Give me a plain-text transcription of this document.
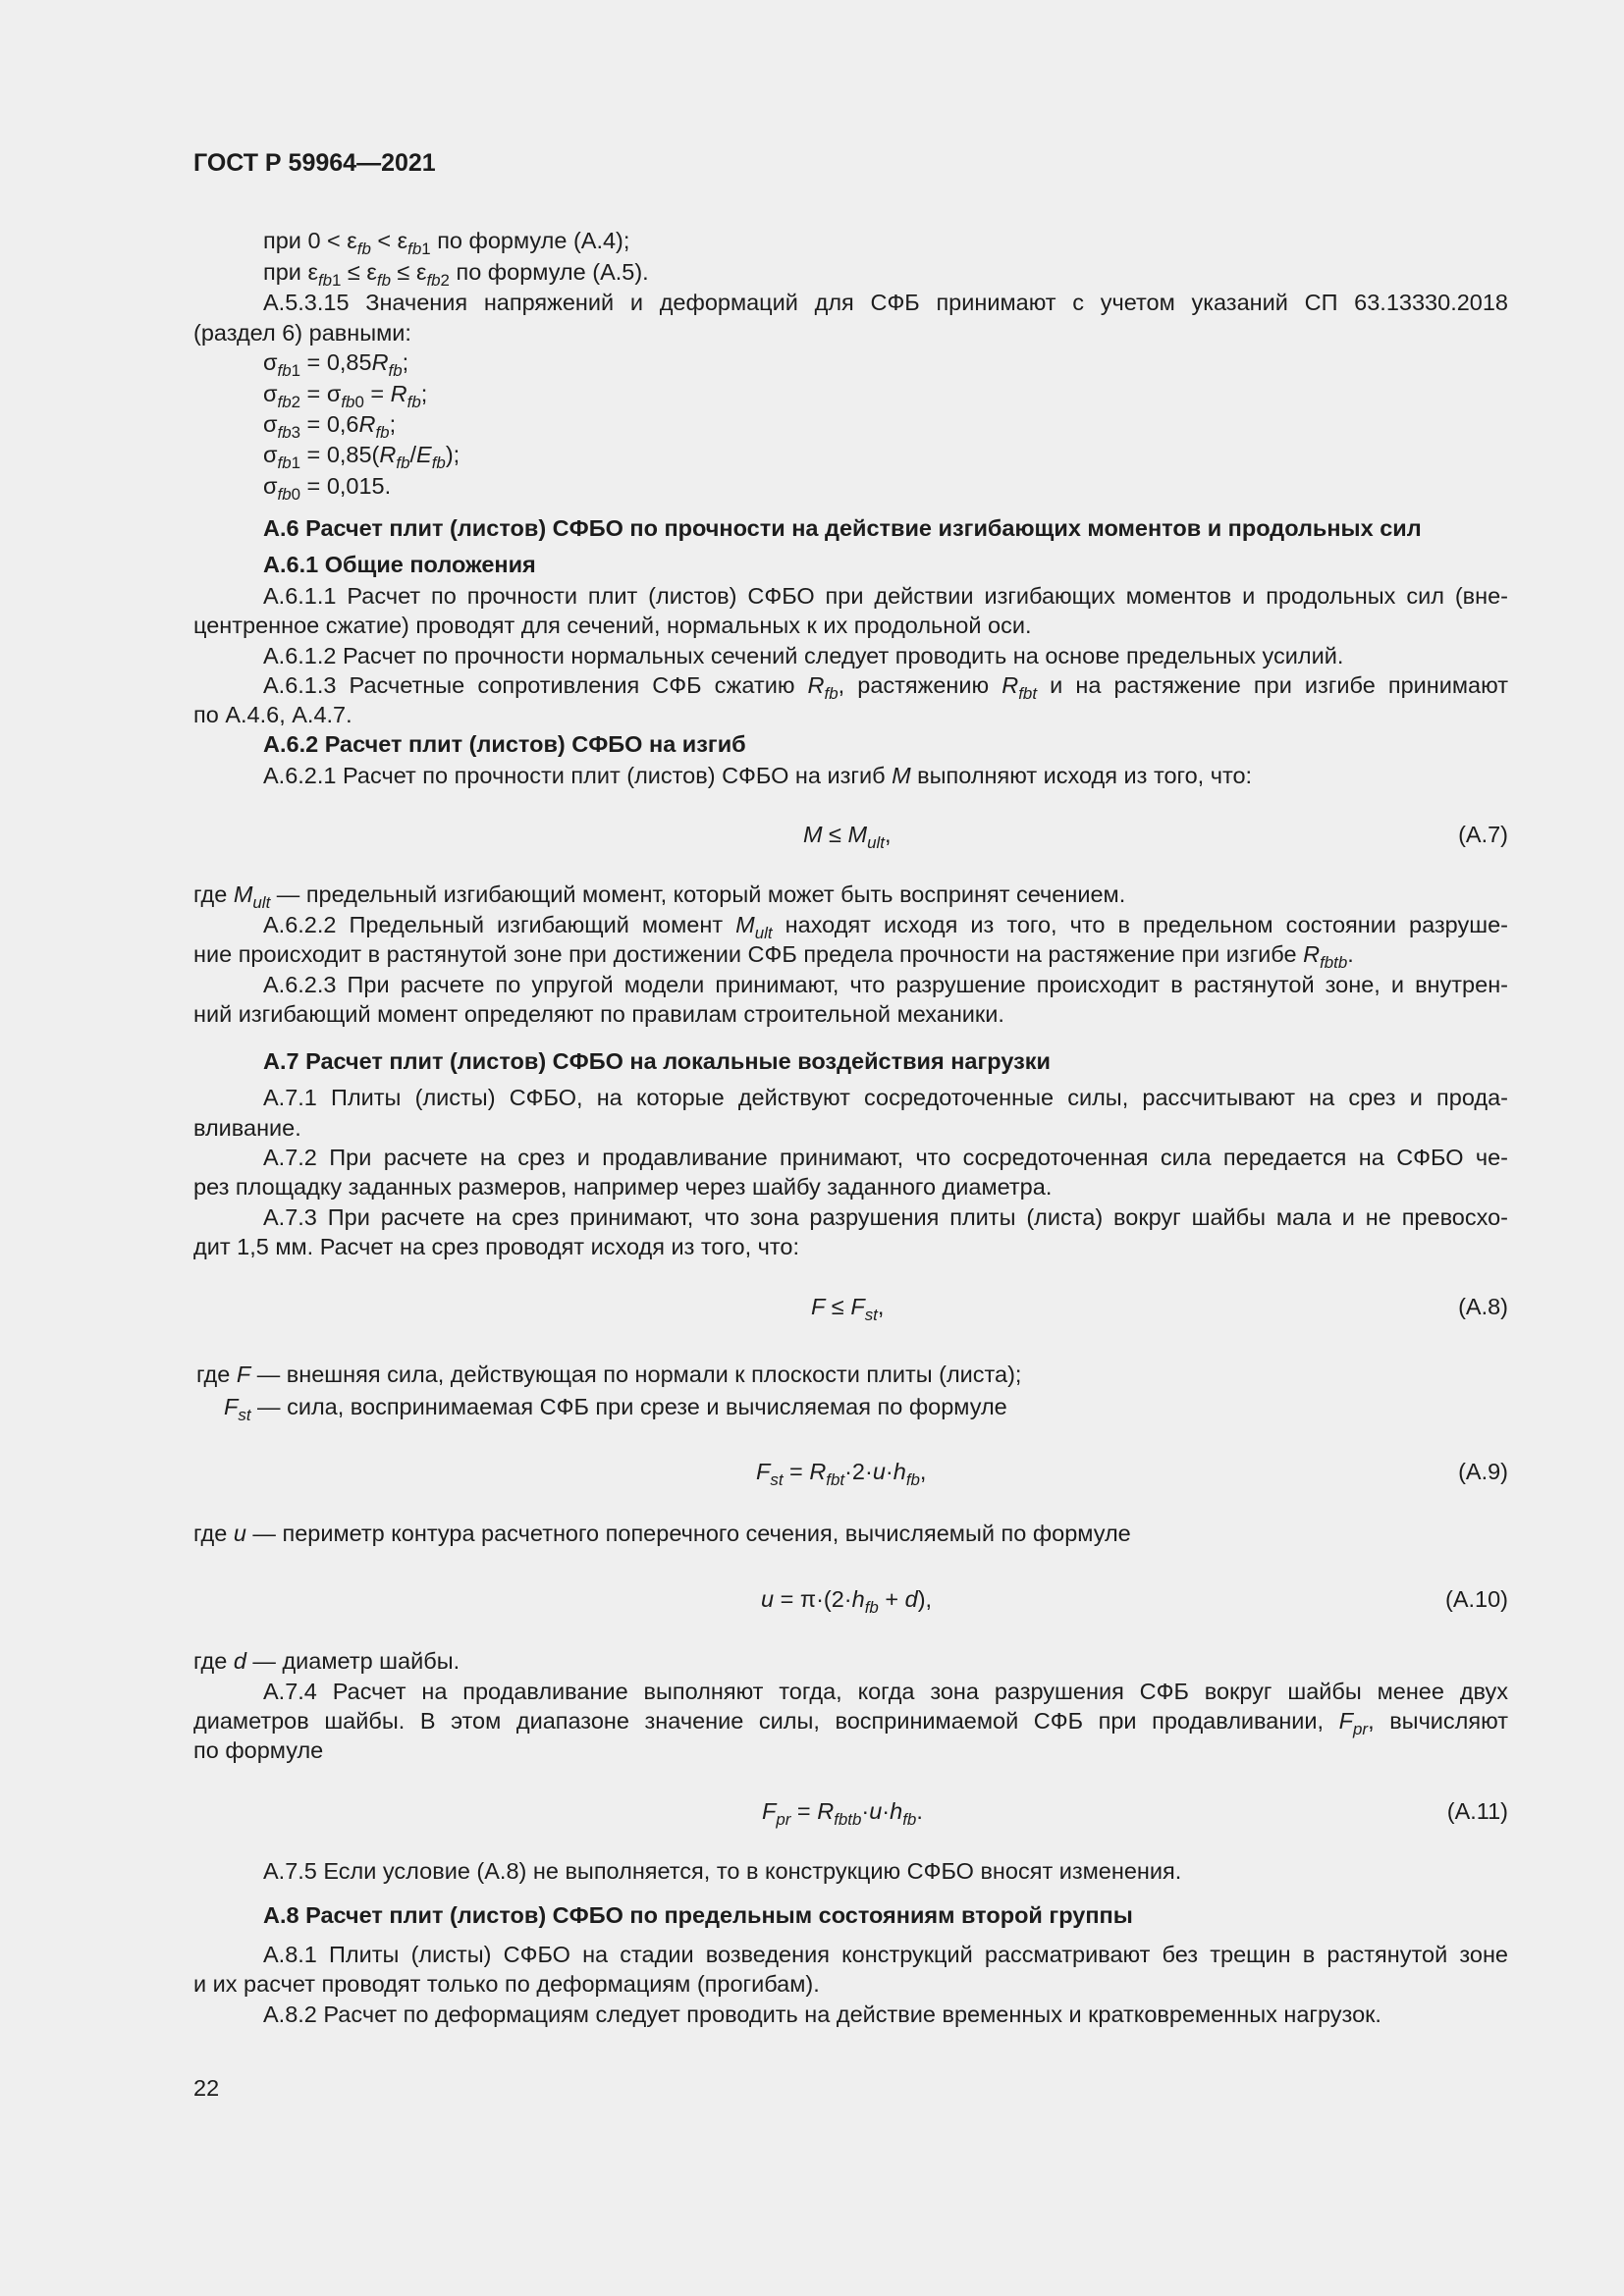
ГОСТ Р 59964—2021
при $0 < \varepsilon_{fb} < \varepsilon_{fb1}$ по формуле (А.4);
при $\varepsilon_{fb1} \le \varepsilon_{fb} \le \varepsilon_{fb2}$ по формуле (А.5).
А.5.3.15 Значения напряжений и деформаций для СФБ принимают с учетом указаний СП 63.13330.2018
(раздел 6) равными:
$\sigma_{fb1} = 0,85R_{fb}$;
$\sigma_{fb2} = \sigma_{fb0} = R_{fb}$;
$\sigma_{fb3} = 0,6R_{fb}$;
$\sigma_{fb1} = 0,85(R_{fb}/E_{fb})$;
$\sigma_{fb0} = 0,015$.
А.6 Расчет плит (листов) СФБО по прочности на действие изгибающих моментов и продольных сил
А.6.1 Общие положения
А.6.1.1 Расчет по прочности плит (листов) СФБО при действии изгибающих моментов и продольных сил (вне-
центренное сжатие) проводят для сечений, нормальных к их продольной оси.
А.6.1.2 Расчет по прочности нормальных сечений следует проводить на основе предельных усилий.
А.6.1.3 Расчетные сопротивления СФБ сжатию $R_{fb}$, растяжению $R_{fbt}$ и на растяжение при изгибе принимают
по А.4.6, А.4.7.
А.6.2 Расчет плит (листов) СФБО на изгиб
А.6.2.1 Расчет по прочности плит (листов) СФБО на изгиб M выполняют исходя из того, что:
$M \le M_{ult}$,	(А.7)
где $M_{ult}$ — предельный изгибающий момент, который может быть воспринят сечением.
А.6.2.2 Предельный изгибающий момент $M_{ult}$ находят исходя из того, что в предельном состоянии разруше-
ние происходит в растянутой зоне при достижении СФБ предела прочности на растяжение при изгибе $R_{fbtb}$.
А.6.2.3 При расчете по упругой модели принимают, что разрушение происходит в растянутой зоне, и внутрен-
ний изгибающий момент определяют по правилам строительной механики.
А.7 Расчет плит (листов) СФБО на локальные воздействия нагрузки
А.7.1 Плиты (листы) СФБО, на которые действуют сосредоточенные силы, рассчитывают на срез и прода-
вливание.
А.7.2 При расчете на срез и продавливание принимают, что сосредоточенная сила передается на СФБО че-
рез площадку заданных размеров, например через шайбу заданного диаметра.
А.7.3 При расчете на срез принимают, что зона разрушения плиты (листа) вокруг шайбы мала и не превосхо-
дит 1,5 мм. Расчет на срез проводят исходя из того, что:
$F \le F_{st}$,	(А.8)
где F — внешняя сила, действующая по нормали к плоскости плиты (листа);
$F_{st}$ — сила, воспринимаемая СФБ при срезе и вычисляемая по формуле
$F_{st} = R_{fbt}\cdot 2\cdot u\cdot h_{fb}$,	(А.9)
где u — периметр контура расчетного поперечного сечения, вычисляемый по формуле
$u = \pi\cdot(2\cdot h_{fb} + d)$,	(А.10)
где d — диаметр шайбы.
А.7.4 Расчет на продавливание выполняют тогда, когда зона разрушения СФБ вокруг шайбы менее двух
диаметров шайбы. В этом диапазоне значение силы, воспринимаемой СФБ при продавливании, $F_{pr}$, вычисляют
по формуле
$F_{pr} = R_{fbtb}\cdot u\cdot h_{fb}$.	(А.11)
А.7.5 Если условие (А.8) не выполняется, то в конструкцию СФБО вносят изменения.
А.8 Расчет плит (листов) СФБО по предельным состояниям второй группы
А.8.1 Плиты (листы) СФБО на стадии возведения конструкций рассматривают без трещин в растянутой зоне
и их расчет проводят только по деформациям (прогибам).
А.8.2 Расчет по деформациям следует проводить на действие временных и кратковременных нагрузок.
22
